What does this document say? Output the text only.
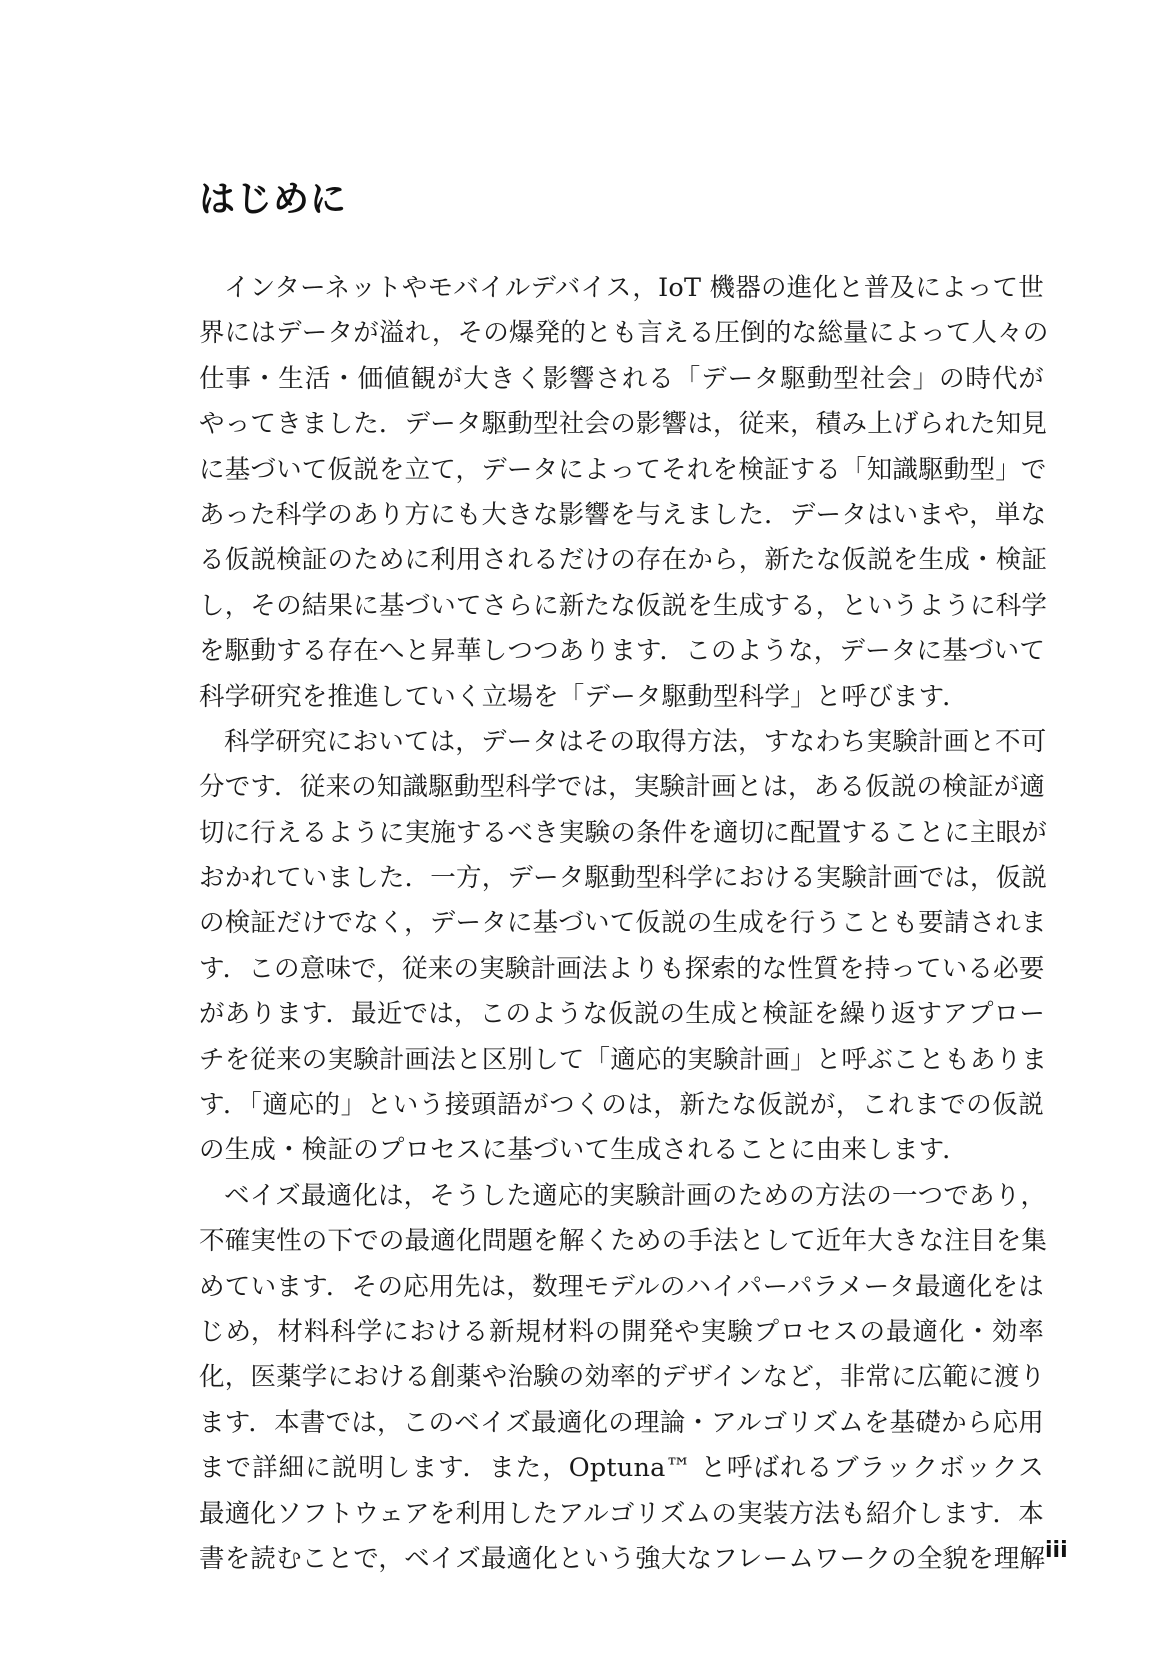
はじめに
インターネットやモバイルデバイス，IoT 機器の進化と普及によって世
界にはデータが溢れ，その爆発的とも言える圧倒的な総量によって人々の
仕事・生活・価値観が大きく影響される「データ駆動型社会」の時代が
やってきました．データ駆動型社会の影響は，従来，積み上げられた知見
に基づいて仮説を立て，データによってそれを検証する「知識駆動型」で
あった科学のあり方にも大きな影響を与えました．データはいまや，単な
る仮説検証のために利用されるだけの存在から，新たな仮説を生成・検証
し，その結果に基づいてさらに新たな仮説を生成する，というように科学
を駆動する存在へと昇華しつつあります．このような，データに基づいて
科学研究を推進していく立場を「データ駆動型科学」と呼びます．
科学研究においては，データはその取得方法，すなわち実験計画と不可
分です．従来の知識駆動型科学では，実験計画とは，ある仮説の検証が適
切に行えるように実施するべき実験の条件を適切に配置することに主眼が
おかれていました．一方，データ駆動型科学における実験計画では，仮説
の検証だけでなく，データに基づいて仮説の生成を行うことも要請されま
す．この意味で，従来の実験計画法よりも探索的な性質を持っている必要
があります．最近では，このような仮説の生成と検証を繰り返すアプロー
チを従来の実験計画法と区別して「適応的実験計画」と呼ぶこともありま
す．「適応的」という接頭語がつくのは，新たな仮説が，これまでの仮説
の生成・検証のプロセスに基づいて生成されることに由来します．
ベイズ最適化は，そうした適応的実験計画のための方法の一つであり，
不確実性の下での最適化問題を解くための手法として近年大きな注目を集
めています．その応用先は，数理モデルのハイパーパラメータ最適化をは
じめ，材料科学における新規材料の開発や実験プロセスの最適化・効率
化，医薬学における創薬や治験の効率的デザインなど，非常に広範に渡り
ます．本書では，このベイズ最適化の理論・アルゴリズムを基礎から応用
まで詳細に説明します．また，Optuna™ と呼ばれるブラックボックス
最適化ソフトウェアを利用したアルゴリズムの実装方法も紹介します．本
書を読むことで，ベイズ最適化という強大なフレームワークの全貌を理解 iii
